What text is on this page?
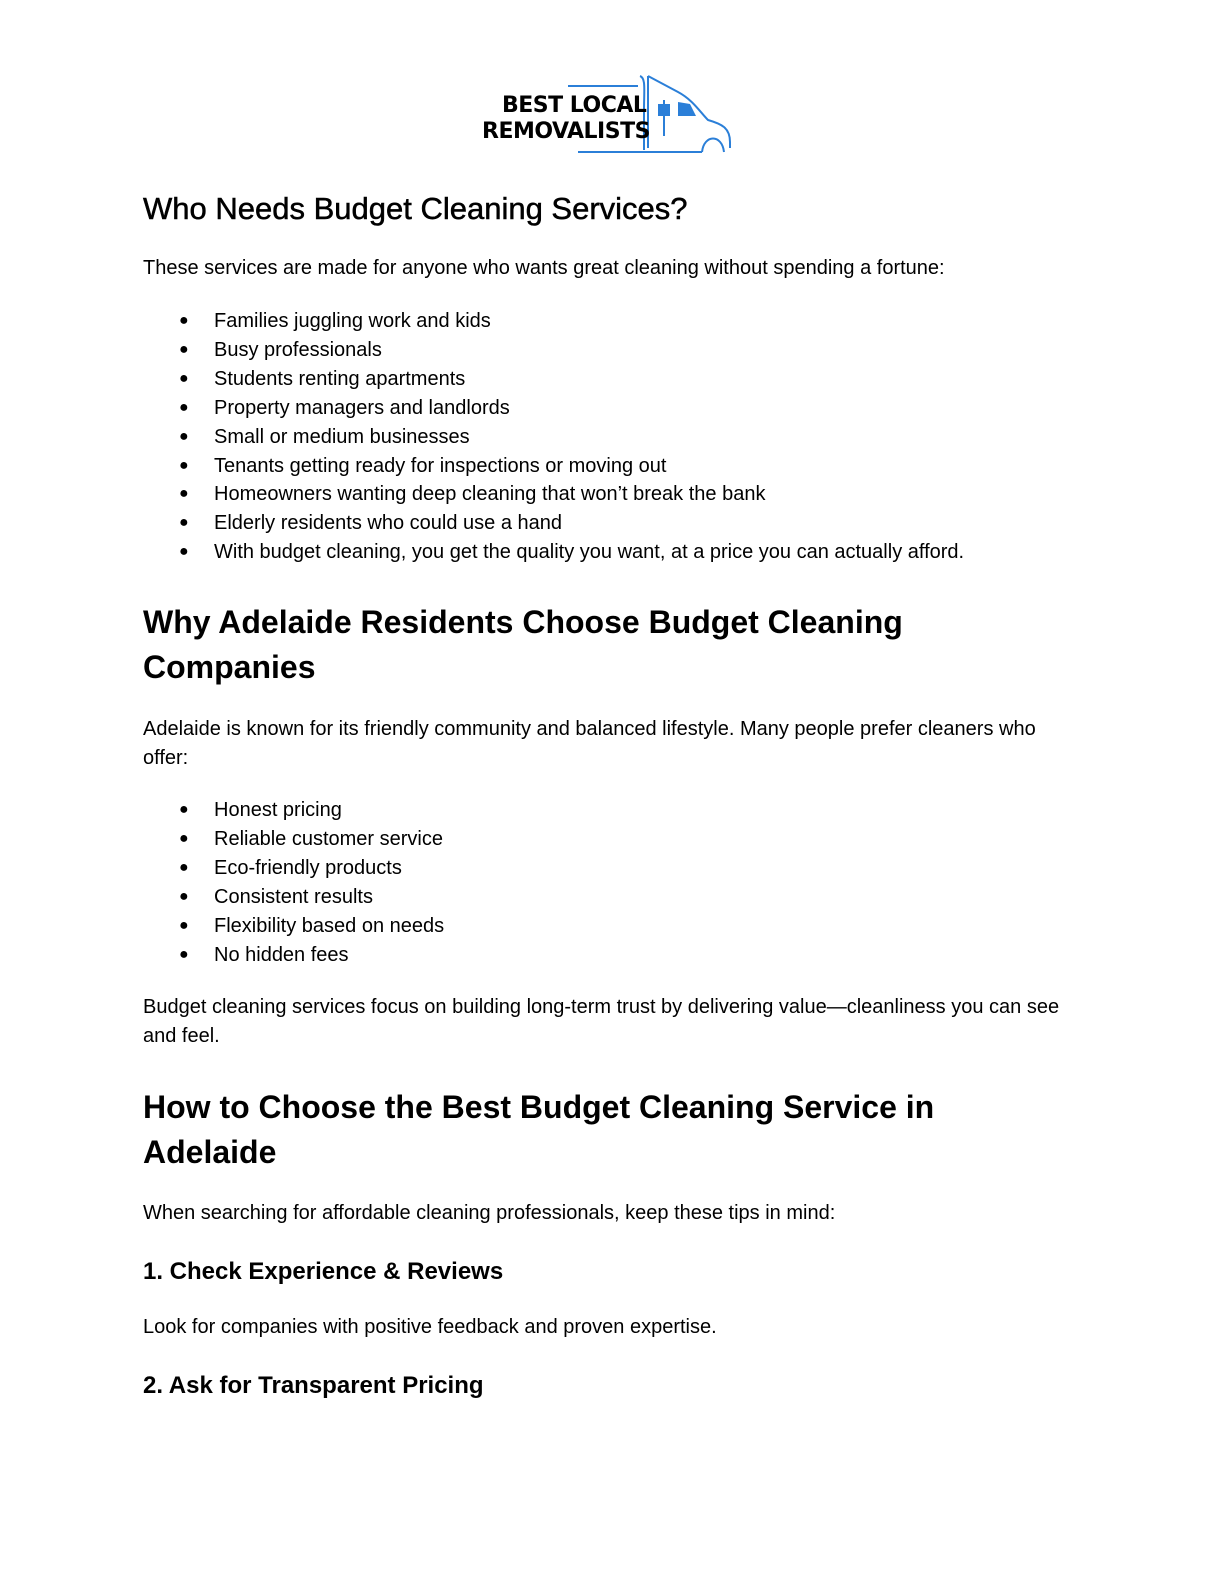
BEST LOCAL
REMOVALISTS
Who Needs Budget Cleaning Services?
These services are made for anyone who wants great cleaning without spending a fortune:
● Families juggling work and kids
● Busy professionals
● Students renting apartments
● Property managers and landlords
● Small or medium businesses
● Tenants getting ready for inspections or moving out
● Homeowners wanting deep cleaning that won’t break the bank
● Elderly residents who could use a hand
● With budget cleaning, you get the quality you want, at a price you can actually afford.
Why Adelaide Residents Choose Budget Cleaning Companies
Adelaide is known for its friendly community and balanced lifestyle. Many people prefer cleaners who offer:
● Honest pricing
● Reliable customer service
● Eco-friendly products
● Consistent results
● Flexibility based on needs
● No hidden fees
Budget cleaning services focus on building long-term trust by delivering value—cleanliness you can see and feel.
How to Choose the Best Budget Cleaning Service in Adelaide
When searching for affordable cleaning professionals, keep these tips in mind:
1. Check Experience & Reviews
Look for companies with positive feedback and proven expertise.
2. Ask for Transparent Pricing
